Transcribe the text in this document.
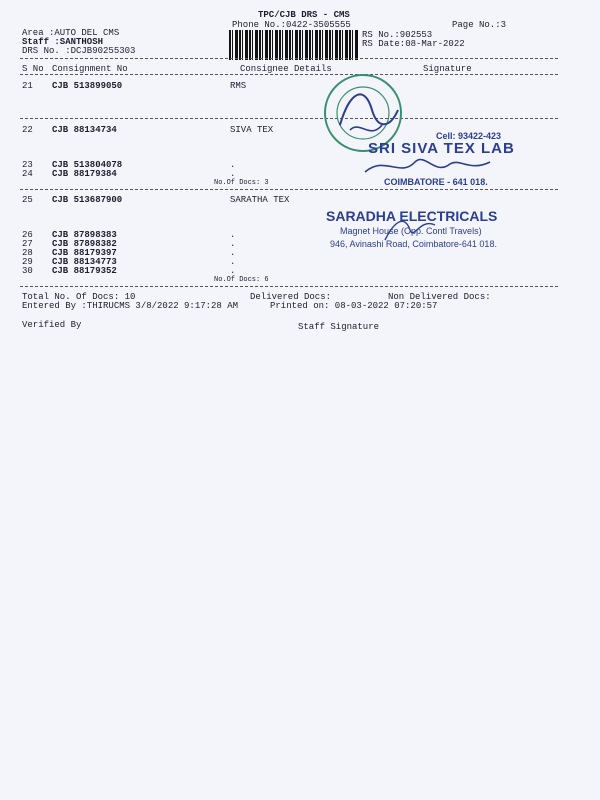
TPC/CJB DRS - CMS
Phone No.:0422-3505555	Page No.:3
Area :AUTO DEL CMS
Staff :SANTHOSH
DRS No. :DCJB90255303
RS No.:902553
RS Date:08-Mar-2022
S No Consignment No	Consignee Details	Signature
21 CJB 513899050	RMS
22 CJB 88134734	SIVA TEX
23 CJB 513804078	.
24 CJB 88179384	.
No.Of Docs: 3
25 CJB 513687900	SARATHA TEX
26 CJB 87898383	.
27 CJB 87898382	.
28 CJB 88179397	.
29 CJB 88134773	.
30 CJB 88179352	.
No.Of Docs: 6
Total No. Of Docs: 10	Delivered Docs:	Non Delivered Docs:
Entered By :THIRUCMS 3/8/2022 9:17:28 AM	Printed on: 08-03-2022 07:20:57
Verified By	Staff Signature
Cell: 93422-423
SRI SIVA TEX LAB
COIMBATORE - 641 018.
SARADHA ELECTRICALS
Magnet House (Opp. Contl Travels)
946, Avinashi Road, Coimbatore-641 018.
